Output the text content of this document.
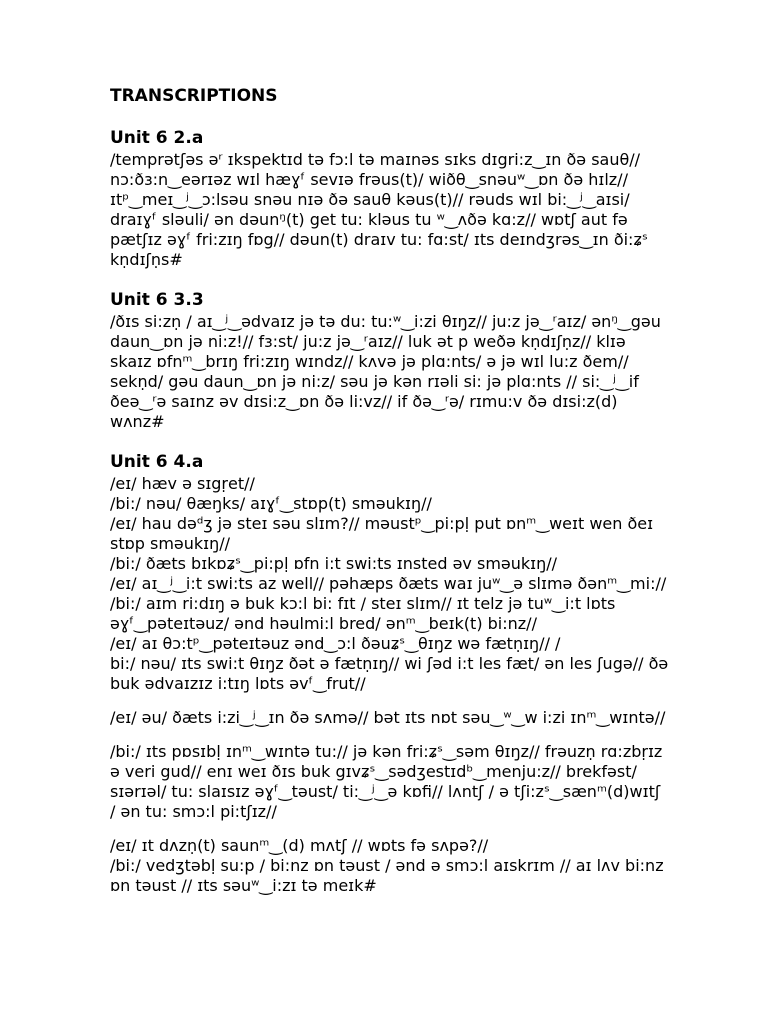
TRANSCRIPTIONS
Unit 6 2.a

/temprətʃəs əʳ ɪkspektɪd tə fɔ:l tə maɪnəs sɪks dɪgri:z‿ɪn ðə sauθ// nɔ:ðɜ:n‿eərɪəz wɪl hæɣᶠ sevɪə frəus(t)/ wiðθ‿snəuʷ‿ɒn ðə hɪlz// ɪtᵖ‿meɪ‿ʲ‿ɔ:lsəu snəu nɪə ðə sauθ kəus(t)// rəuds wɪl bi:‿ʲ‿aɪsi/ draɪɣᶠ sləuli/ ən dəunᵑ(t) get tu: kləus tu ʷ‿ʌðə kɑ:z// wɒtʃ aut fə pætʃɪz əɣᶠ fri:zɪŋ fɒg// dəun(t) draɪv tu: fɑ:st/ ɪts deɪndʒrəs‿ɪn ði:ʑˢ kṇdɪʃṇs#

Unit 6 3.3

/ðɪs si:zṇ / aɪ‿ʲ‿ədvaɪz jə tə du: tu:ʷ‿i:zi θɪŋz// ju:z jə‿ʳaɪz/ ənᵑ‿gəu daun‿ɒn jə ni:z!// fɜ:st/ ju:z jə‿ʳaɪz// luk ət p weðə kṇdɪʃṇz// klɪə skaɪz ɒfnᵐ‿brɪŋ fri:zɪŋ wɪndz// kʌvə jə plɑ:nts/ ə jə wɪl lu:z ðem// sekṇd/ gəu daun‿ɒn jə ni:z/ səu jə kən rɪəli si: jə plɑ:nts // si:‿ʲ‿if ðeə‿ʳə saɪnz əv dɪsi:z‿ɒn ðə li:vz// if ðə‿ʳə/ rɪmu:v ðə dɪsi:z(d) wʌnz#

Unit 6 4.a
/eɪ/ hæv ə sɪgṛet//
/bi:/ nəu/ θæŋks/ aɪɣᶠ‿stɒp(t) sməukɪŋ//
/eɪ/ hau dəᵈʒ jə steɪ səu slɪm?// məustᵖ‿pi:pḷ put ɒnᵐ‿weɪt wen ðeɪ stɒp sməukɪŋ//
/bi:/ ðæts bɪkɒʑˢ‿pi:pḷ ɒfn i:t swi:ts ɪnsted əv sməukɪŋ//
/eɪ/ aɪ‿ʲ‿i:t swi:ts az well// pəhæps ðæts waɪ juʷ‿ə slɪmə ðənᵐ‿mi://
/bi:/ aɪm ri:dɪŋ ə buk kɔ:l bi: fɪt / steɪ slɪm// ɪt telz jə tuʷ‿i:t lɒts əɣᶠ‿pəteɪtəuz/ ənd həulmi:l bred/ ənᵐ‿beɪk(t) bi:nz//
/eɪ/ aɪ θɔ:tᵖ‿pəteɪtəuz ənd‿ɔ:l ðəuʑˢ‿θɪŋz wə fætṇɪŋ// /
bi:/ nəu/ ɪts swi:t θɪŋz ðət ə fætṇɪŋ// wi ʃəd i:t les fæt/ ən les ʃugə// ðə buk ədvaɪzɪz i:tɪŋ lɒts əvᶠ‿frut//

/eɪ/ əu/ ðæts i:zi‿ʲ‿ɪn ðə sʌmə// bət ɪts nɒt səu‿ʷ‿w i:zi ɪnᵐ‿wɪntə//

/bi:/ ɪts pɒsɪbḷ ɪnᵐ‿wɪntə tu:// jə kən fri:ʑˢ‿səm θɪŋz// frəuzṇ rɑ:zbṛɪz ə veri gud// enɪ weɪ ðɪs buk gɪvʑˢ‿sədʒestɪdᵇ‿menju:z// brekfəst/ sɪərɪəl/ tu: slaɪsɪz əɣᶠ‿təust/ ti:‿ʲ‿ə kɒfi// lʌntʃ / ə tʃi:zˢ‿sænᵐ(d)wɪtʃ / ən tu: smɔ:l pi:tʃɪz//

/eɪ/ ɪt dʌzṇ(t) saunᵐ‿(d) mʌtʃ // wɒts fə sʌpə?//

/bi:/ vedʒtəbḷ su:p / bi:nz ɒn təust / ənd ə smɔ:l aɪskrɪm // aɪ lʌv bi:nz ɒn təust // ɪts səuʷ‿i:zɪ tə meɪk#
